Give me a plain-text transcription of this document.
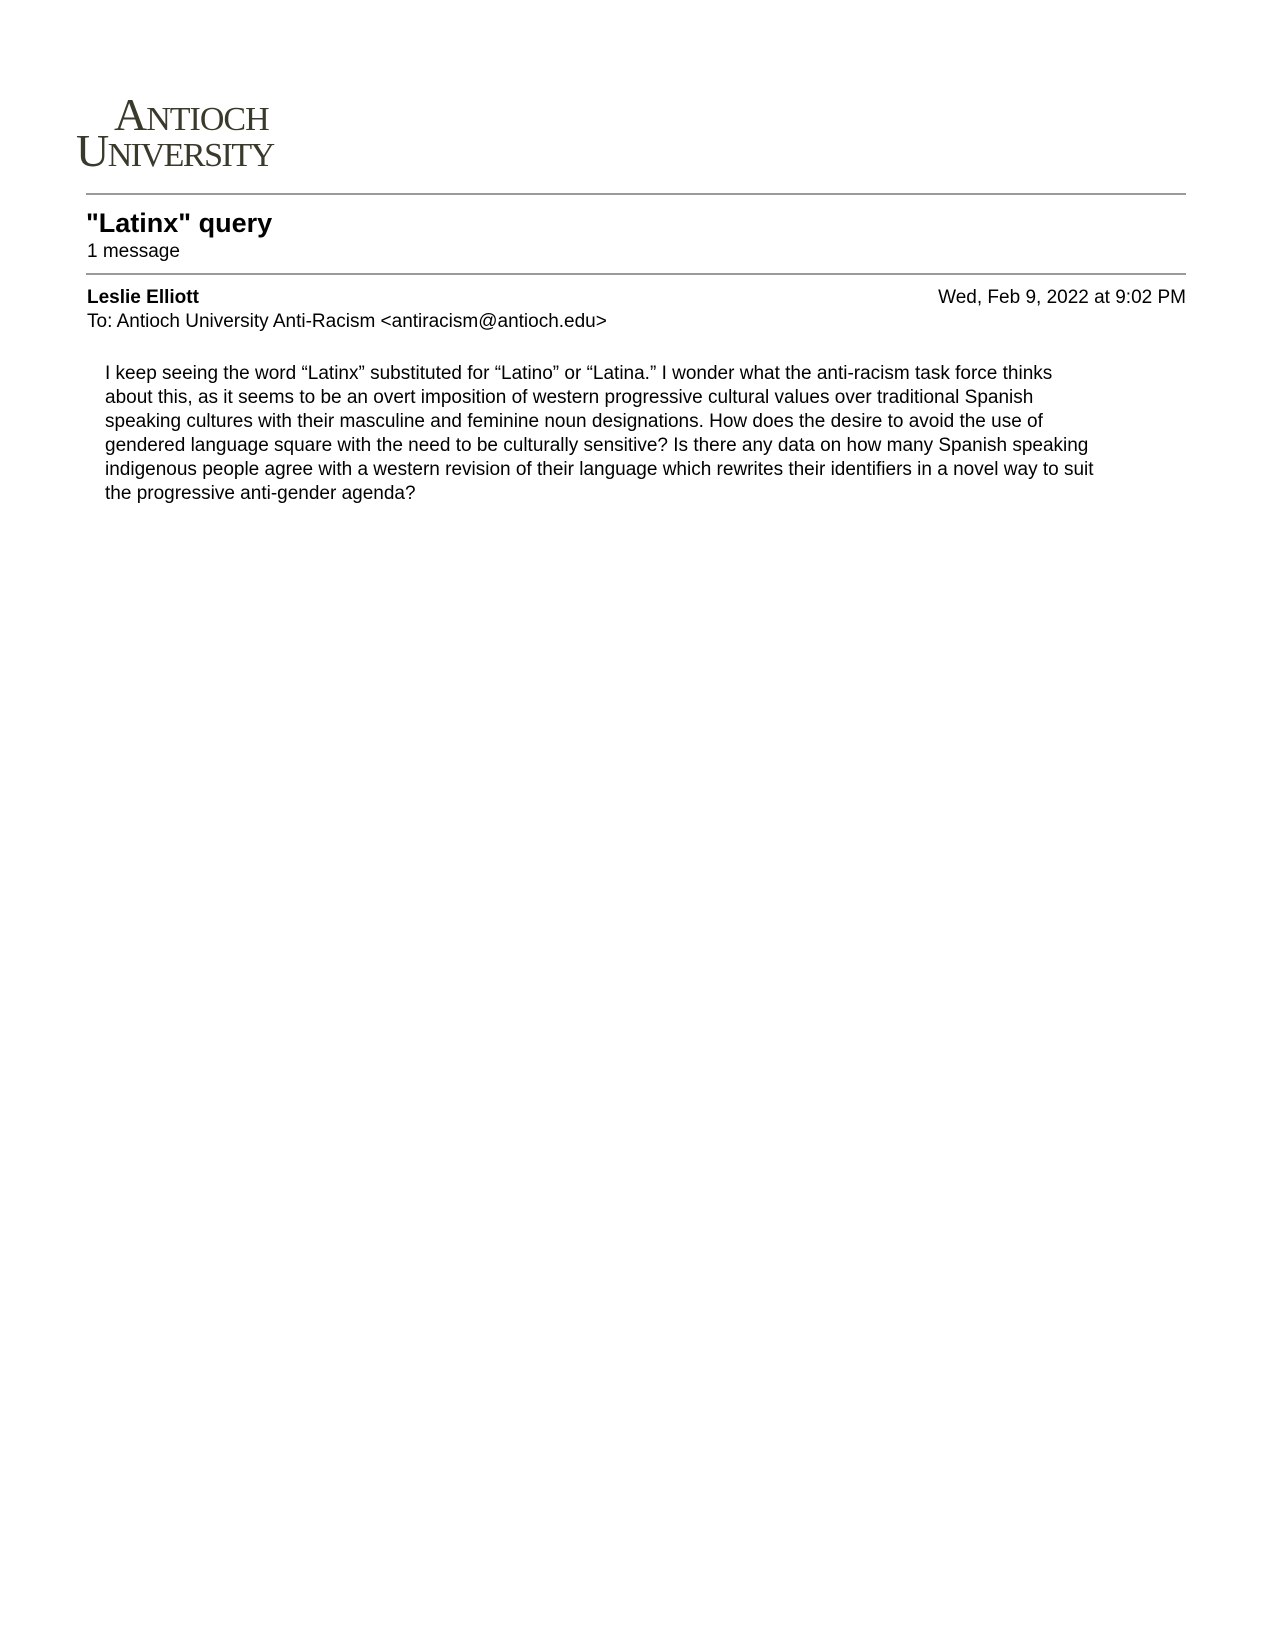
ANTIOCH
UNIVERSITY
"Latinx" query
1 message
Leslie Elliott	Wed, Feb 9, 2022 at 9:02 PM
To: Antioch University Anti-Racism <antiracism@antioch.edu>
I keep seeing the word “Latinx” substituted for “Latino” or “Latina.” I wonder what the anti-racism task force thinks
about this, as it seems to be an overt imposition of western progressive cultural values over traditional Spanish
speaking cultures with their masculine and feminine noun designations. How does the desire to avoid the use of
gendered language square with the need to be culturally sensitive? Is there any data on how many Spanish speaking
indigenous people agree with a western revision of their language which rewrites their identifiers in a novel way to suit
the progressive anti-gender agenda?
